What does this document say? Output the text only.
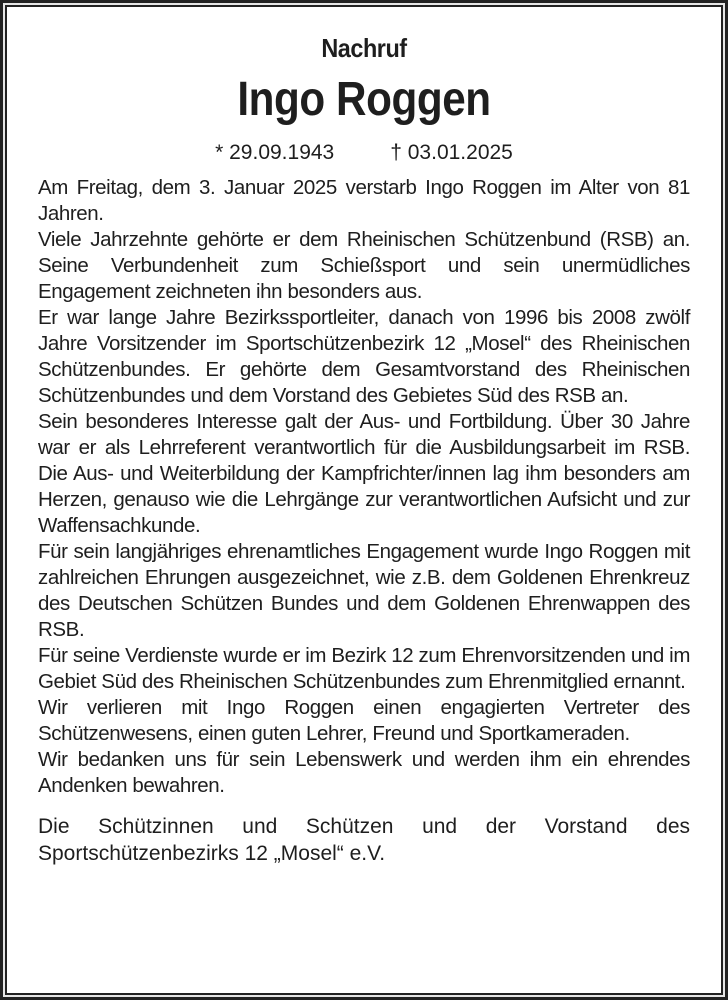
Nachruf
Ingo Roggen
* 29.09.1943	† 03.01.2025

Am Freitag, dem 3. Januar 2025 verstarb Ingo Roggen im Alter von 81 Jahren.

Viele Jahrzehnte gehörte er dem Rheinischen Schützenbund (RSB) an. Seine Verbundenheit zum Schießsport und sein unermüdliches Engagement zeichneten ihn besonders aus.

Er war lange Jahre Bezirkssportleiter, danach von 1996 bis 2008 zwölf Jahre Vorsitzender im Sportschützenbezirk 12 „Mosel“ des Rheinischen Schützenbundes. Er gehörte dem Gesamtvorstand des Rheinischen Schützenbundes und dem Vorstand des Gebietes Süd des RSB an.

Sein besonderes Interesse galt der Aus- und Fortbildung. Über 30 Jahre war er als Lehrreferent verantwortlich für die Ausbildungsarbeit im RSB. Die Aus- und Weiterbildung der Kampfrichter/innen lag ihm besonders am Herzen, genauso wie die Lehrgänge zur verantwortlichen Aufsicht und zur Waffensachkunde.

Für sein langjähriges ehrenamtliches Engagement wurde Ingo Roggen mit zahlreichen Ehrungen ausgezeichnet, wie z.B. dem Goldenen Ehrenkreuz des Deutschen Schützen Bundes und dem Goldenen Ehrenwappen des RSB.

Für seine Verdienste wurde er im Bezirk 12 zum Ehrenvorsitzenden und im Gebiet Süd des Rheinischen Schützenbundes zum Ehrenmitglied ernannt.

Wir verlieren mit Ingo Roggen einen engagierten Vertreter des Schützenwesens, einen guten Lehrer, Freund und Sportkameraden.

Wir bedanken uns für sein Lebenswerk und werden ihm ein ehrendes Andenken bewahren.

Die Schützinnen und Schützen und der Vorstand des Sportschützenbezirks 12 „Mosel“ e.V.
